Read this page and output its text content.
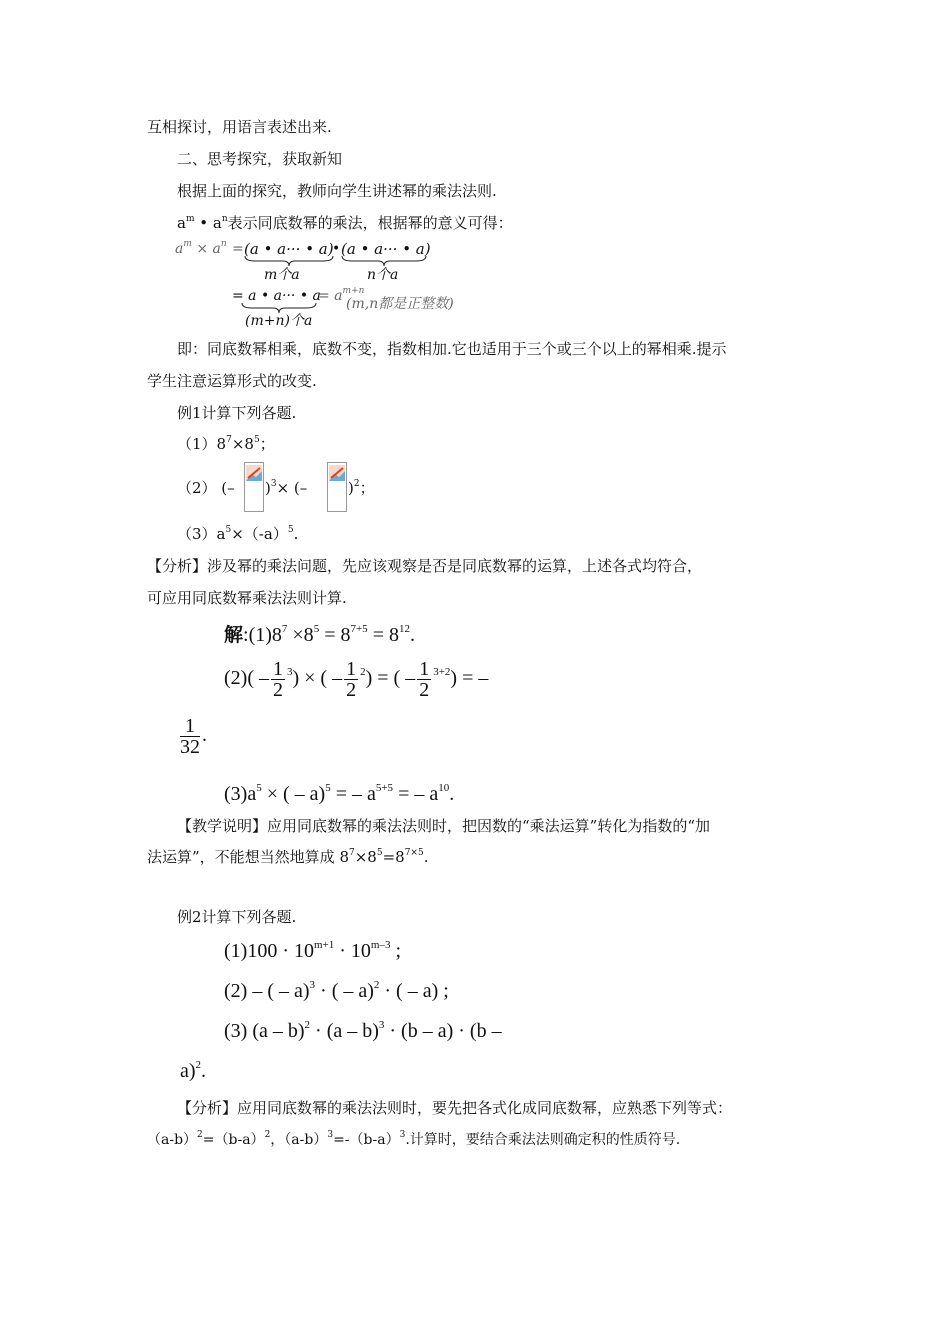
互相探讨，用语言表述出来.
二、思考探究，获取新知
根据上面的探究，教师向学生讲述幂的乘法法则.
$a^m$ • $a^n$表示同底数幂的乘法，根据幂的意义可得：
$a^m \times a^n = (a$ • a··· • a)
• (a • a··· • a)
m个a	n个a
= a • a··· • a
= $a^{m+n}$
(m,n都是正整数)
(m+n)个a
即：同底数幂相乘，底数不变，指数相加.它也适用于三个或三个以上的幂相乘.提示
学生注意运算形式的改变.
例1计算下列各题.
$(1)8^7\times 8^5$；
（2） (– )$^3$× (–	)$^2$；
$(3)a^5\times(-a)^5$.
【分析】涉及幂的乘法问题，先应该观察是否是同底数幂的运算，上述各式均符合，
可应用同底数幂乘法法则计算.
解$:(1)8^7 \times 8^5 = 8^{7+5} = 8^{12}$.
$(2)( - \frac{1}{2} ^3)$ × ( – $\frac{1}{2} ^2$) = ( – $\frac{1}{2} ^{3+2}$) = –
$\frac{1}{32}$ .
$(3)a^5$ × ( – a)$^5$ = – $a^{5+5}$ = – $a^{10}$.
【教学说明】应用同底数幂的乘法法则时，把因数的“乘法运算”转化为指数的“加
法运算”，不能想当然地算成 $8^7\times 8^5=8^{7\times 5}$.
例2计算下列各题.
$(1)100 \cdot 10^{m+1} \cdot 10^{m-3}$ ;
(2) – ( – a)$^3$ · ( – a)$^2$ · ( – a) ;
(3) (a – b)$^2$ · (a – b)$^3$ · (b – a) · (b –
a)$^2$.
【分析】应用同底数幂的乘法法则时，要先把各式化成同底数幂，应熟悉下列等式：
$(a-b)^2=(b-a)^2$，$(a-b)^3=-(b-a)^3$.计算时，要结合乘法法则确定积的性质符号.
